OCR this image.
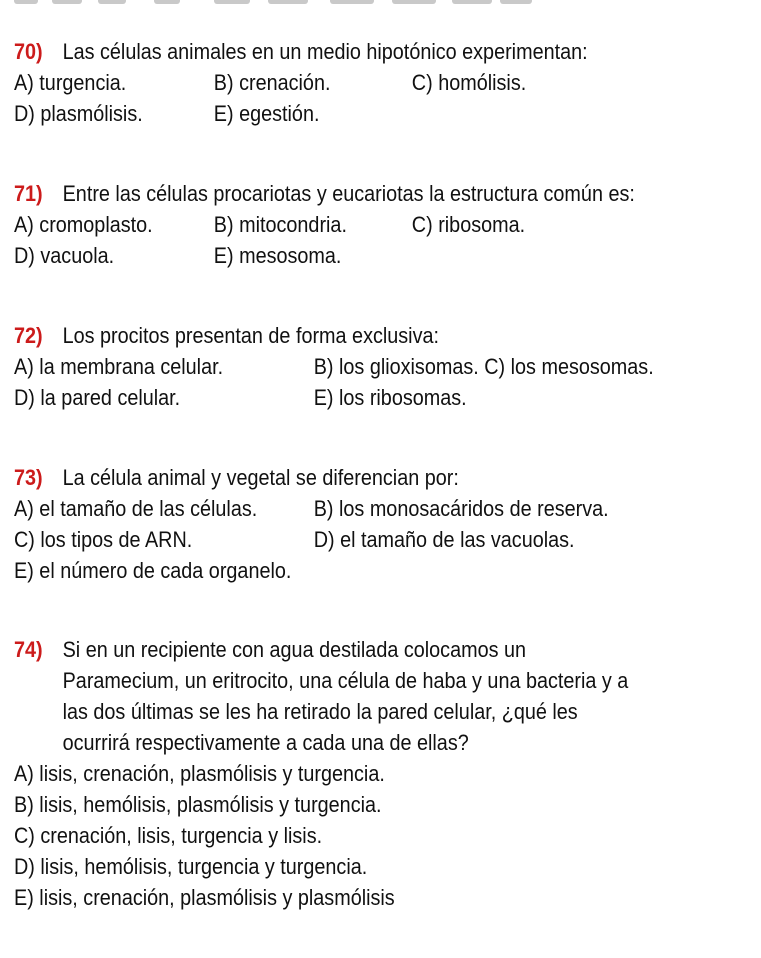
70) Las células animales en un medio hipotónico experimentan:
A) turgencia.	B) crenación.	C) homólisis.
D) plasmólisis.	E) egestión.
71) Entre las células procariotas y eucariotas la estructura común es:
A) cromoplasto.	B) mitocondria.	C) ribosoma.
D) vacuola.	E) mesosoma.
72) Los procitos presentan de forma exclusiva:
A) la membrana celular.	B) los glioxisomas. C) los mesosomas.
D) la pared celular.	E) los ribosomas.
73) La célula animal y vegetal se diferencian por:
A) el tamaño de las células.	B) los monosacáridos de reserva.
C) los tipos de ARN.	D) el tamaño de las vacuolas.
E) el número de cada organelo.
74) Si en un recipiente con agua destilada colocamos un
Paramecium, un eritrocito, una célula de haba y una bacteria y a
las dos últimas se les ha retirado la pared celular, ¿qué les
ocurrirá respectivamente a cada una de ellas?
A) lisis, crenación, plasmólisis y turgencia.
B) lisis, hemólisis, plasmólisis y turgencia.
C) crenación, lisis, turgencia y lisis.
D) lisis, hemólisis, turgencia y turgencia.
E) lisis, crenación, plasmólisis y plasmólisis
